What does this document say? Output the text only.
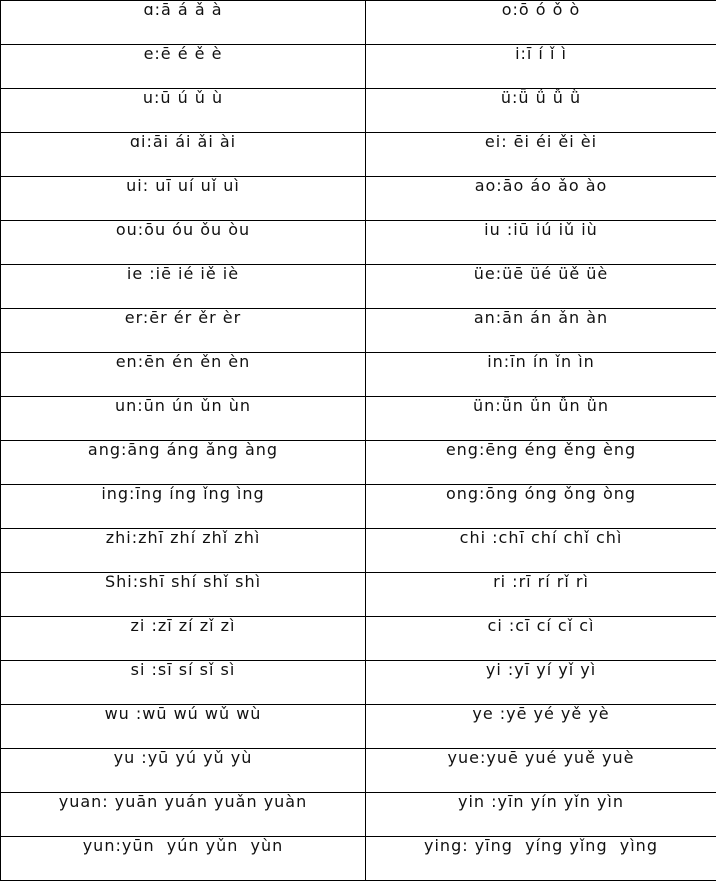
ɑ:ā á ǎ à	o:ō ó ǒ ò
e:ē é ě è	i:ī í ǐ ì
u:ū ú ǔ ù	ü:ǖ ǘ ǚ ǜ
ɑi:āi ái ǎi ài	ei: ēi éi ěi èi
ui: uī uí uǐ uì	ao:āo áo ǎo ào
ou:ōu óu ǒu òu	iu :iū iú iǔ iù
ie :iē ié iě iè	üe:üē üé üě üè
er:ēr ér ěr èr	an:ān án ǎn àn
en:ēn én ěn èn	in:īn ín ǐn ìn
un:ūn ún ǔn ùn	ün:ǖn ǘn ǚn ǜn
ang:āng áng ǎng àng	eng:ēng éng ěng èng
ing:īng íng ǐng ìng	ong:ōng óng ǒng òng
zhi:zhī zhí zhǐ zhì	chi :chī chí chǐ chì
Shi:shī shí shǐ shì	ri :rī rí rǐ rì
zi :zī zí zǐ zì	ci :cī cí cǐ cì
si :sī sí sǐ sì	yi :yī yí yǐ yì
wu :wū wú wǔ wù	ye :yē yé yě yè
yu :yū yú yǔ yù	yue:yuē yué yuě yuè
yuan: yuān yuán yuǎn yuàn	yin :yīn yín yǐn yìn
yun:yūn  yún yǔn  yùn	ying: yīng  yíng yǐng  yìng
